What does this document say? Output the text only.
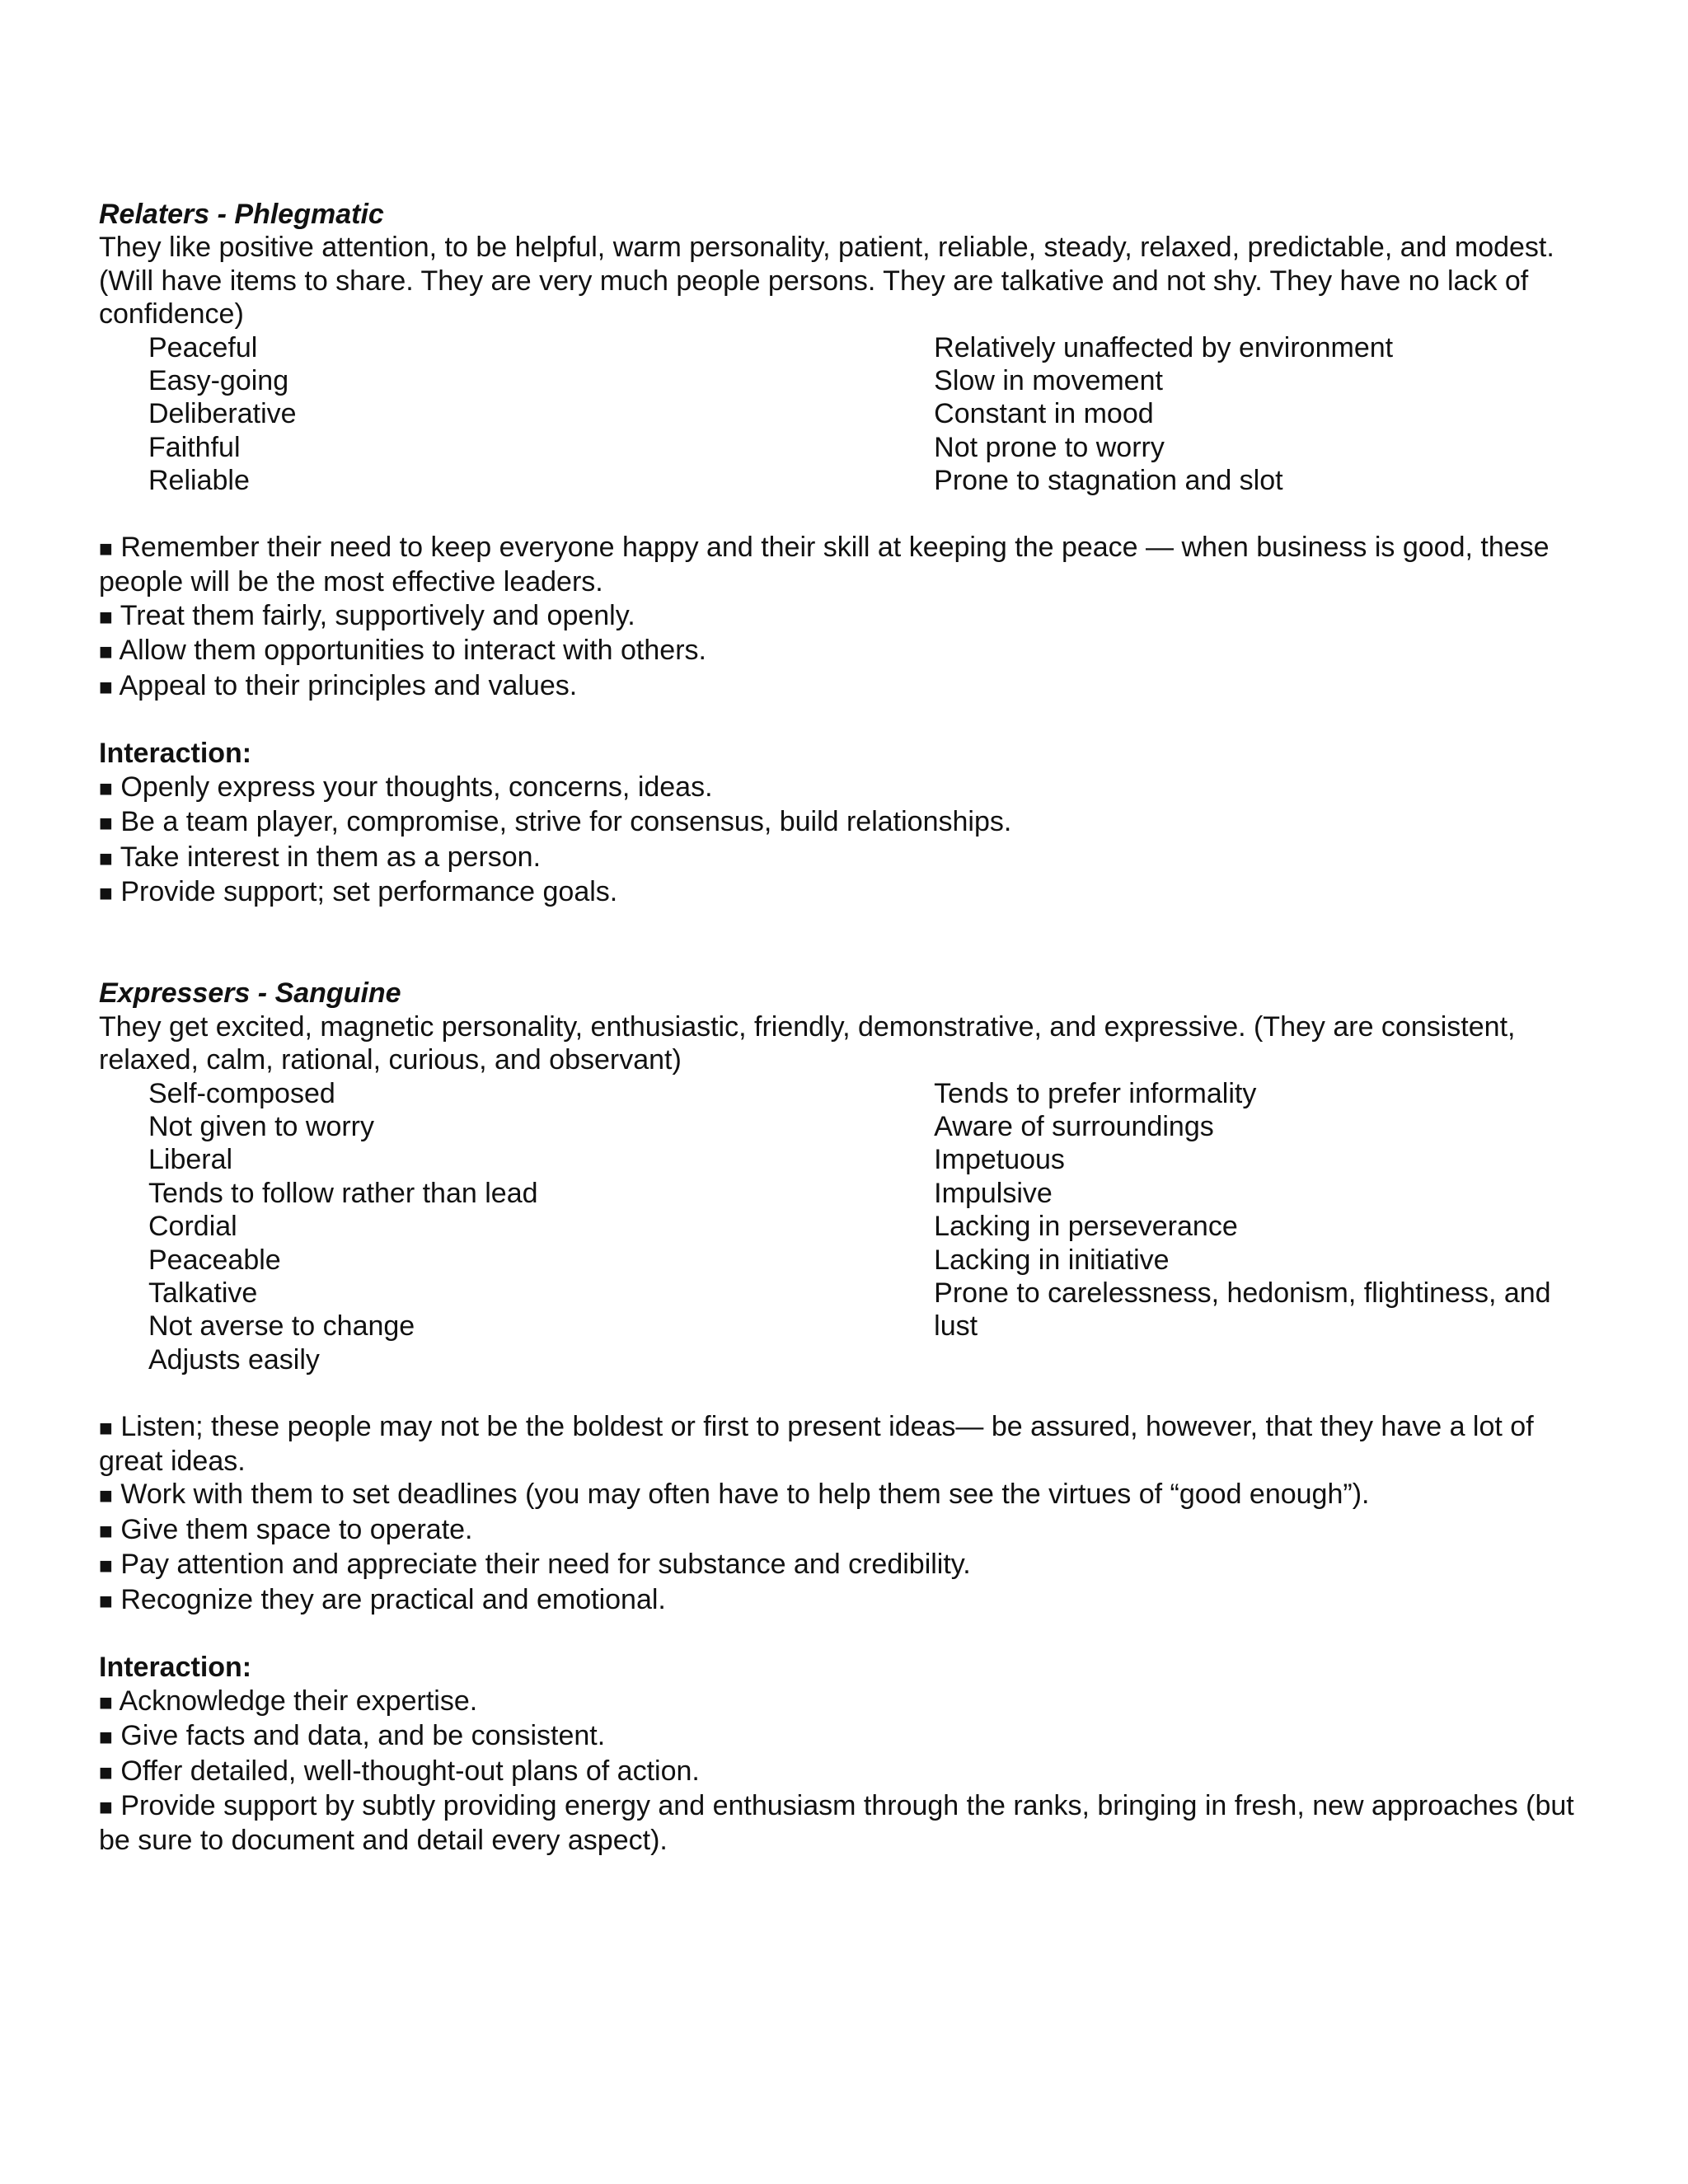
Relaters - Phlegmatic

They like positive attention, to be helpful, warm personality, patient, reliable, steady, relaxed, predictable, and modest. (Will have items to share. They are very much people persons. They are talkative and not shy. They have no lack of confidence)

Peaceful
Easy-going
Deliberative
Faithful
Reliable
Relatively unaffected by environment
Slow in movement
Constant in mood
Not prone to worry
Prone to stagnation and slot

■ Remember their need to keep everyone happy and their skill at keeping the peace — when business is good, these people will be the most effective leaders.

■ Treat them fairly, supportively and openly.

■ Allow them opportunities to interact with others.

■ Appeal to their principles and values.

Interaction:

■ Openly express your thoughts, concerns, ideas.

■ Be a team player, compromise, strive for consensus, build relationships.

■ Take interest in them as a person.

■ Provide support; set performance goals.

Expressers - Sanguine

They get excited, magnetic personality, enthusiastic, friendly, demonstrative, and expressive. (They are consistent, relaxed, calm, rational, curious, and observant)

Self-composed
Not given to worry
Liberal
Tends to follow rather than lead
Cordial
Peaceable
Talkative
Not averse to change
Adjusts easily
Tends to prefer informality
Aware of surroundings
Impetuous
Impulsive
Lacking in perseverance
Lacking in initiative
Prone to carelessness, hedonism, flightiness, and lust

■ Listen; these people may not be the boldest or first to present ideas— be assured, however, that they have a lot of great ideas.

■ Work with them to set deadlines (you may often have to help them see the virtues of “good enough”).

■ Give them space to operate.

■ Pay attention and appreciate their need for substance and credibility.

■ Recognize they are practical and emotional.

Interaction:

■ Acknowledge their expertise.

■ Give facts and data, and be consistent.

■ Offer detailed, well-thought-out plans of action.

■ Provide support by subtly providing energy and enthusiasm through the ranks, bringing in fresh, new approaches (but be sure to document and detail every aspect).
